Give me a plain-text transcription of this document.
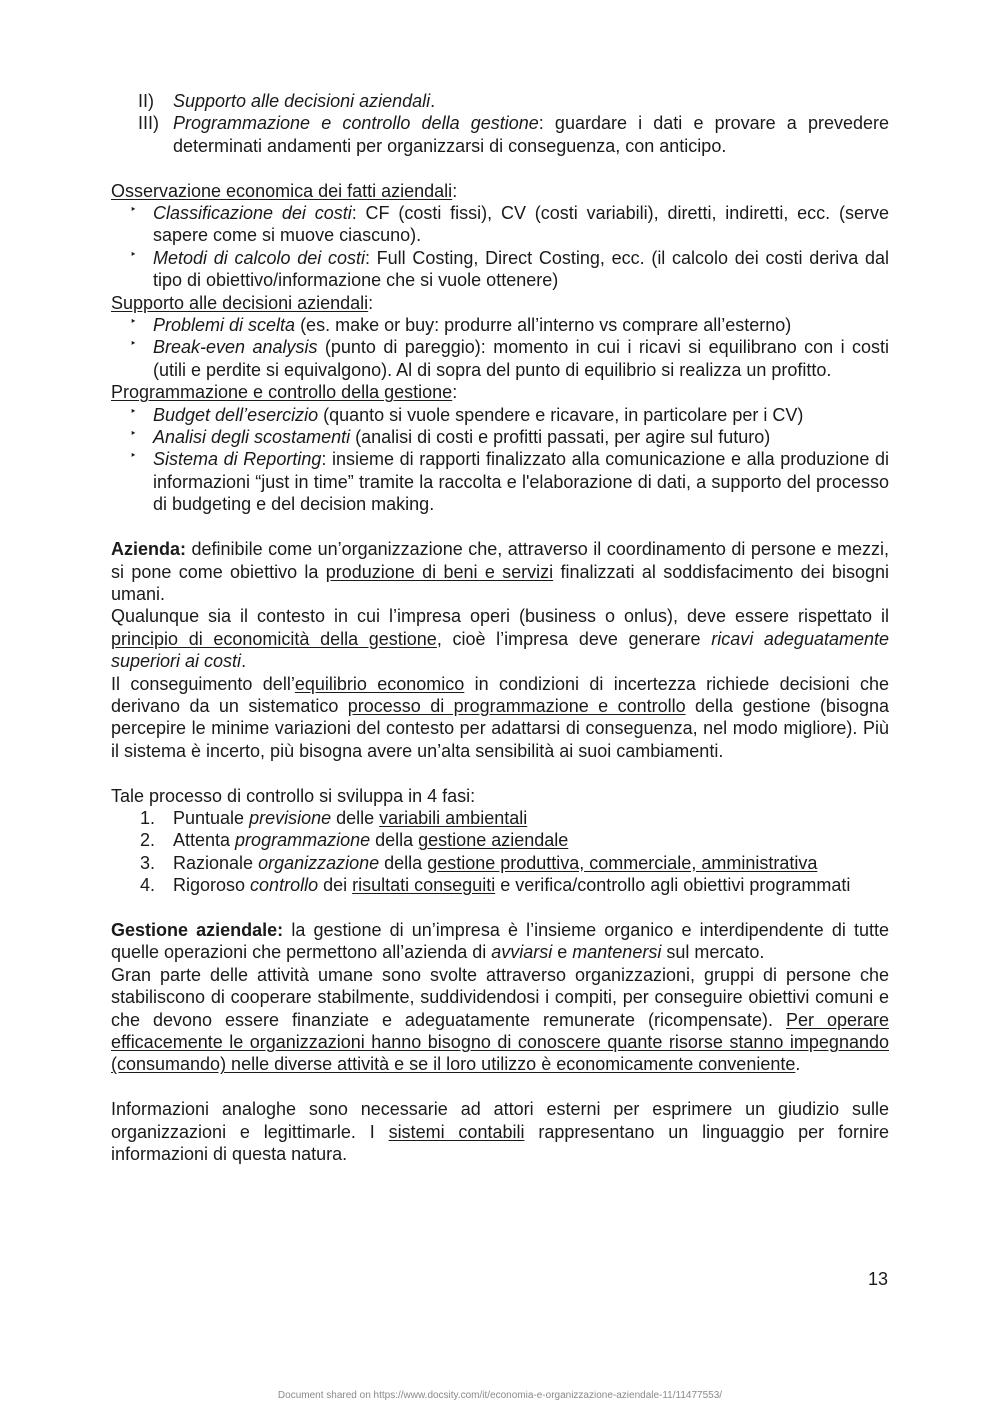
II) Supporto alle decisioni aziendali.
III) Programmazione e controllo della gestione: guardare i dati e provare a prevedere determinati andamenti per organizzarsi di conseguenza, con anticipo.

Osservazione economica dei fatti aziendali:

‣ Classificazione dei costi: CF (costi fissi), CV (costi variabili), diretti, indiretti, ecc. (serve sapere come si muove ciascuno).
‣ Metodi di calcolo dei costi: Full Costing, Direct Costing, ecc. (il calcolo dei costi deriva dal tipo di obiettivo/informazione che si vuole ottenere)

Supporto alle decisioni aziendali:

‣ Problemi di scelta (es. make or buy: produrre all’interno vs comprare all’esterno)
‣ Break-even analysis (punto di pareggio): momento in cui i ricavi si equilibrano con i costi (utili e perdite si equivalgono). Al di sopra del punto di equilibrio si realizza un profitto.

Programmazione e controllo della gestione:

‣ Budget dell’esercizio (quanto si vuole spendere e ricavare, in particolare per i CV)
‣ Analisi degli scostamenti (analisi di costi e profitti passati, per agire sul futuro)
‣ Sistema di Reporting: insieme di rapporti finalizzato alla comunicazione e alla produzione di informazioni “just in time” tramite la raccolta e l'elaborazione di dati, a supporto del processo di budgeting e del decision making.

Azienda: definibile come un’organizzazione che, attraverso il coordinamento di persone e mezzi, si pone come obiettivo la produzione di beni e servizi finalizzati al soddisfacimento dei bisogni umani.

Qualunque sia il contesto in cui l’impresa operi (business o onlus), deve essere rispettato il principio di economicità della gestione, cioè l’impresa deve generare ricavi adeguatamente superiori ai costi.

Il conseguimento dell’equilibrio economico in condizioni di incertezza richiede decisioni che derivano da un sistematico processo di programmazione e controllo della gestione (bisogna percepire le minime variazioni del contesto per adattarsi di conseguenza, nel modo migliore). Più il sistema è incerto, più bisogna avere un’alta sensibilità ai suoi cambiamenti.

Tale processo di controllo si sviluppa in 4 fasi:

1. Puntuale previsione delle variabili ambientali
2. Attenta programmazione della gestione aziendale
3. Razionale organizzazione della gestione produttiva, commerciale, amministrativa
4. Rigoroso controllo dei risultati conseguiti e verifica/controllo agli obiettivi programmati

Gestione aziendale: la gestione di un’impresa è l’insieme organico e interdipendente di tutte quelle operazioni che permettono all’azienda di avviarsi e mantenersi sul mercato.

Gran parte delle attività umane sono svolte attraverso organizzazioni, gruppi di persone che stabiliscono di cooperare stabilmente, suddividendosi i compiti, per conseguire obiettivi comuni e che devono essere finanziate e adeguatamente remunerate (ricompensate). Per operare efficacemente le organizzazioni hanno bisogno di conoscere quante risorse stanno impegnando (consumando) nelle diverse attività e se il loro utilizzo è economicamente conveniente.

Informazioni analoghe sono necessarie ad attori esterni per esprimere un giudizio sulle organizzazioni e legittimarle. I sistemi contabili rappresentano un linguaggio per fornire informazioni di questa natura.

13
Document shared on https://www.docsity.com/it/economia-e-organizzazione-aziendale-11/11477553/
